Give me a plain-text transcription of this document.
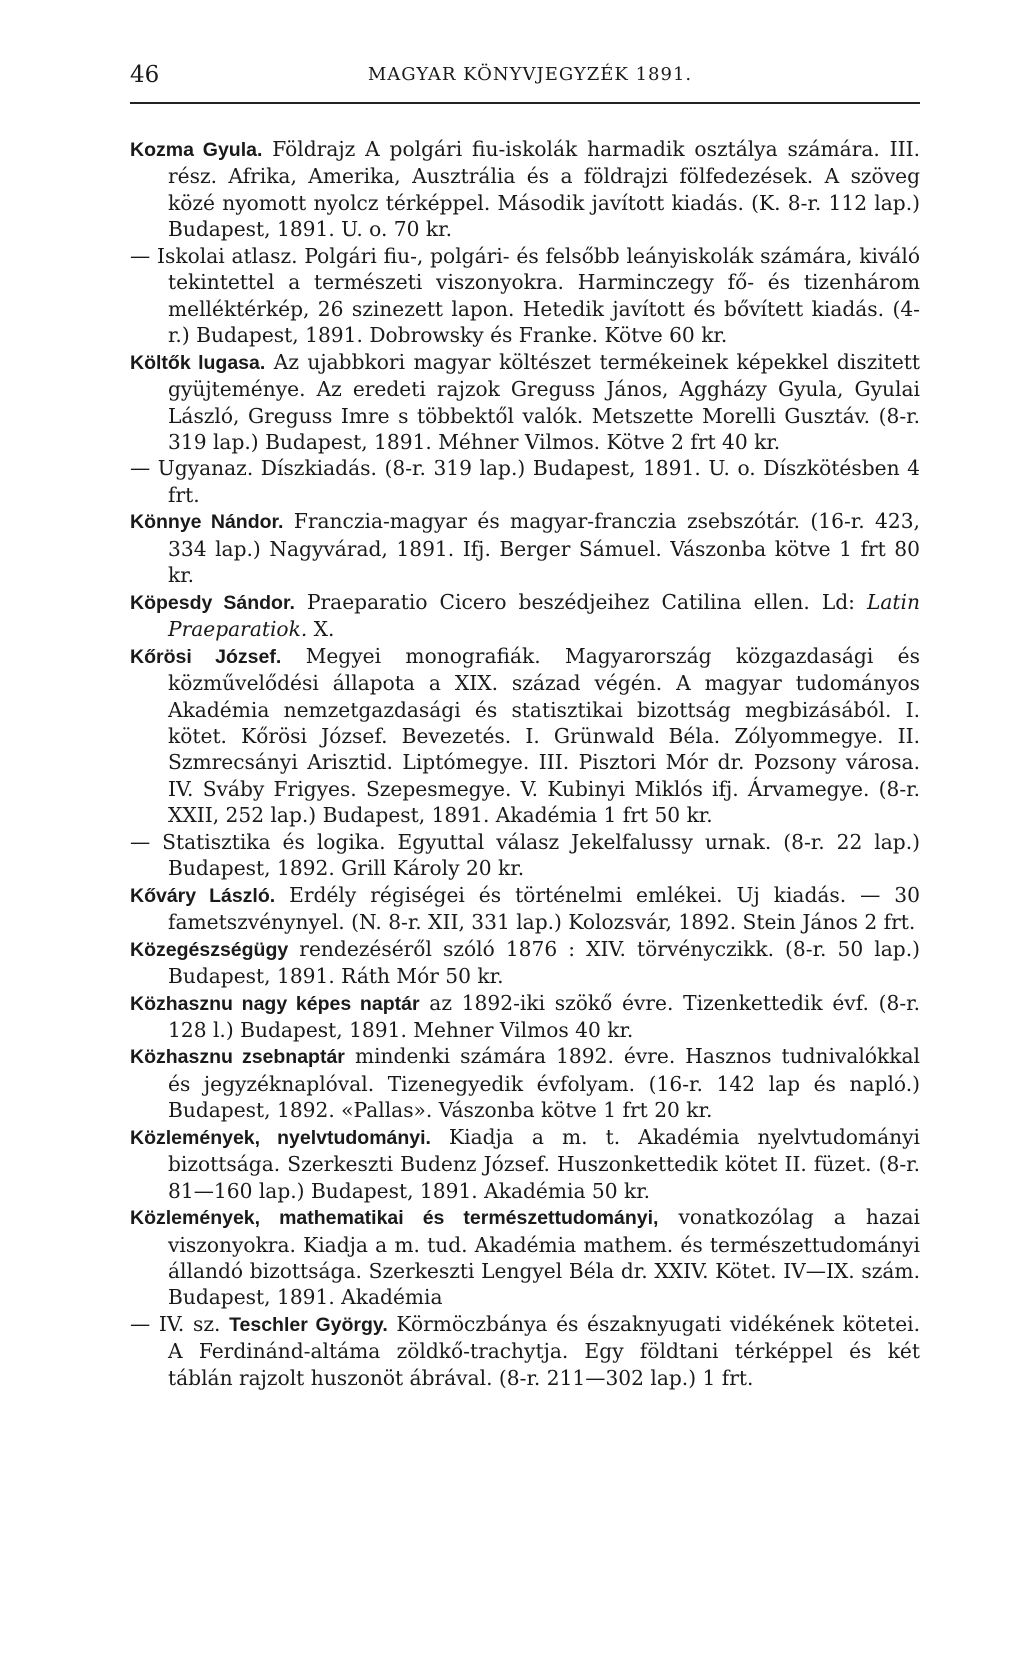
46	MAGYAR KÖNYVJEGYZÉK 1891.

Kozma Gyula. Földrajz A polgári fiu-iskolák harmadik osztálya számára. III. rész. Afrika, Amerika, Ausztrália és a földrajzi fölfedezések. A szöveg közé nyomott nyolcz térképpel. Második javított kiadás. (K. 8-r. 112 lap.) Budapest, 1891. U. o. 70 kr.

— Iskolai atlasz. Polgári fiu-, polgári- és felsőbb leányiskolák számára, kiváló tekintettel a természeti viszonyokra. Harminczegy fő- és tizenhárom melléktérkép, 26 szinezett lapon. Hetedik javított és bővített kiadás. (4-r.) Budapest, 1891. Dobrowsky és Franke. Kötve 60 kr.

Költők lugasa. Az ujabbkori magyar költészet termékeinek képekkel diszitett gyüjteménye. Az eredeti rajzok Greguss János, Aggházy Gyula, Gyulai László, Greguss Imre s többektől valók. Metszette Morelli Gusztáv. (8-r. 319 lap.) Budapest, 1891. Méhner Vilmos. Kötve 2 frt 40 kr.

— Ugyanaz. Díszkiadás. (8-r. 319 lap.) Budapest, 1891. U. o. Díszkötésben 4 frt.

Könnye Nándor. Franczia-magyar és magyar-franczia zsebszótár. (16-r. 423, 334 lap.) Nagyvárad, 1891. Ifj. Berger Sámuel. Vászonba kötve 1 frt 80 kr.

Köpesdy Sándor. Praeparatio Cicero beszédjeihez Catilina ellen. Ld: Latin Praeparatiok. X.

Kőrösi József. Megyei monografiák. Magyarország közgazdasági és közművelődési állapota a XIX. század végén. A magyar tudományos Akadémia nemzetgazdasági és statisztikai bizottság megbizásából. I. kötet. Kőrösi József. Bevezetés. I. Grünwald Béla. Zólyommegye. II. Szmrecsányi Arisztid. Liptómegye. III. Pisztori Mór dr. Pozsony városa. IV. Sváby Frigyes. Szepesmegye. V. Kubinyi Miklós ifj. Árvamegye. (8-r. XXII, 252 lap.) Budapest, 1891. Akadémia 1 frt 50 kr.

— Statisztika és logika. Egyuttal válasz Jekelfalussy urnak. (8-r. 22 lap.) Budapest, 1892. Grill Károly 20 kr.

Kőváry László. Erdély régiségei és történelmi emlékei. Uj kiadás. — 30 fametszvénynyel. (N. 8-r. XII, 331 lap.) Kolozsvár, 1892. Stein János 2 frt.

Közegészségügy rendezéséről szóló 1876 : XIV. törvényczikk. (8-r. 50 lap.) Budapest, 1891. Ráth Mór 50 kr.

Közhasznu nagy képes naptár az 1892-iki szökő évre. Tizenkettedik évf. (8-r. 128 l.) Budapest, 1891. Mehner Vilmos 40 kr.

Közhasznu zsebnaptár mindenki számára 1892. évre. Hasznos tudnivalókkal és jegyzéknaplóval. Tizenegyedik évfolyam. (16-r. 142 lap és napló.) Budapest, 1892. «Pallas». Vászonba kötve 1 frt 20 kr.

Közlemények, nyelvtudományi. Kiadja a m. t. Akadémia nyelvtudományi bizottsága. Szerkeszti Budenz József. Huszonkettedik kötet II. füzet. (8-r. 81—160 lap.) Budapest, 1891. Akadémia 50 kr.

Közlemények, mathematikai és természettudományi, vonatkozólag a hazai viszonyokra. Kiadja a m. tud. Akadémia mathem. és természettudományi állandó bizottsága. Szerkeszti Lengyel Béla dr. XXIV. Kötet. IV—IX. szám. Budapest, 1891. Akadémia

— IV. sz. Teschler György. Körmöczbánya és északnyugati vidékének kötetei. A Ferdinánd-altáma zöldkő-trachytja. Egy földtani térképpel és két táblán rajzolt huszonöt ábrával. (8-r. 211—302 lap.) 1 frt.
